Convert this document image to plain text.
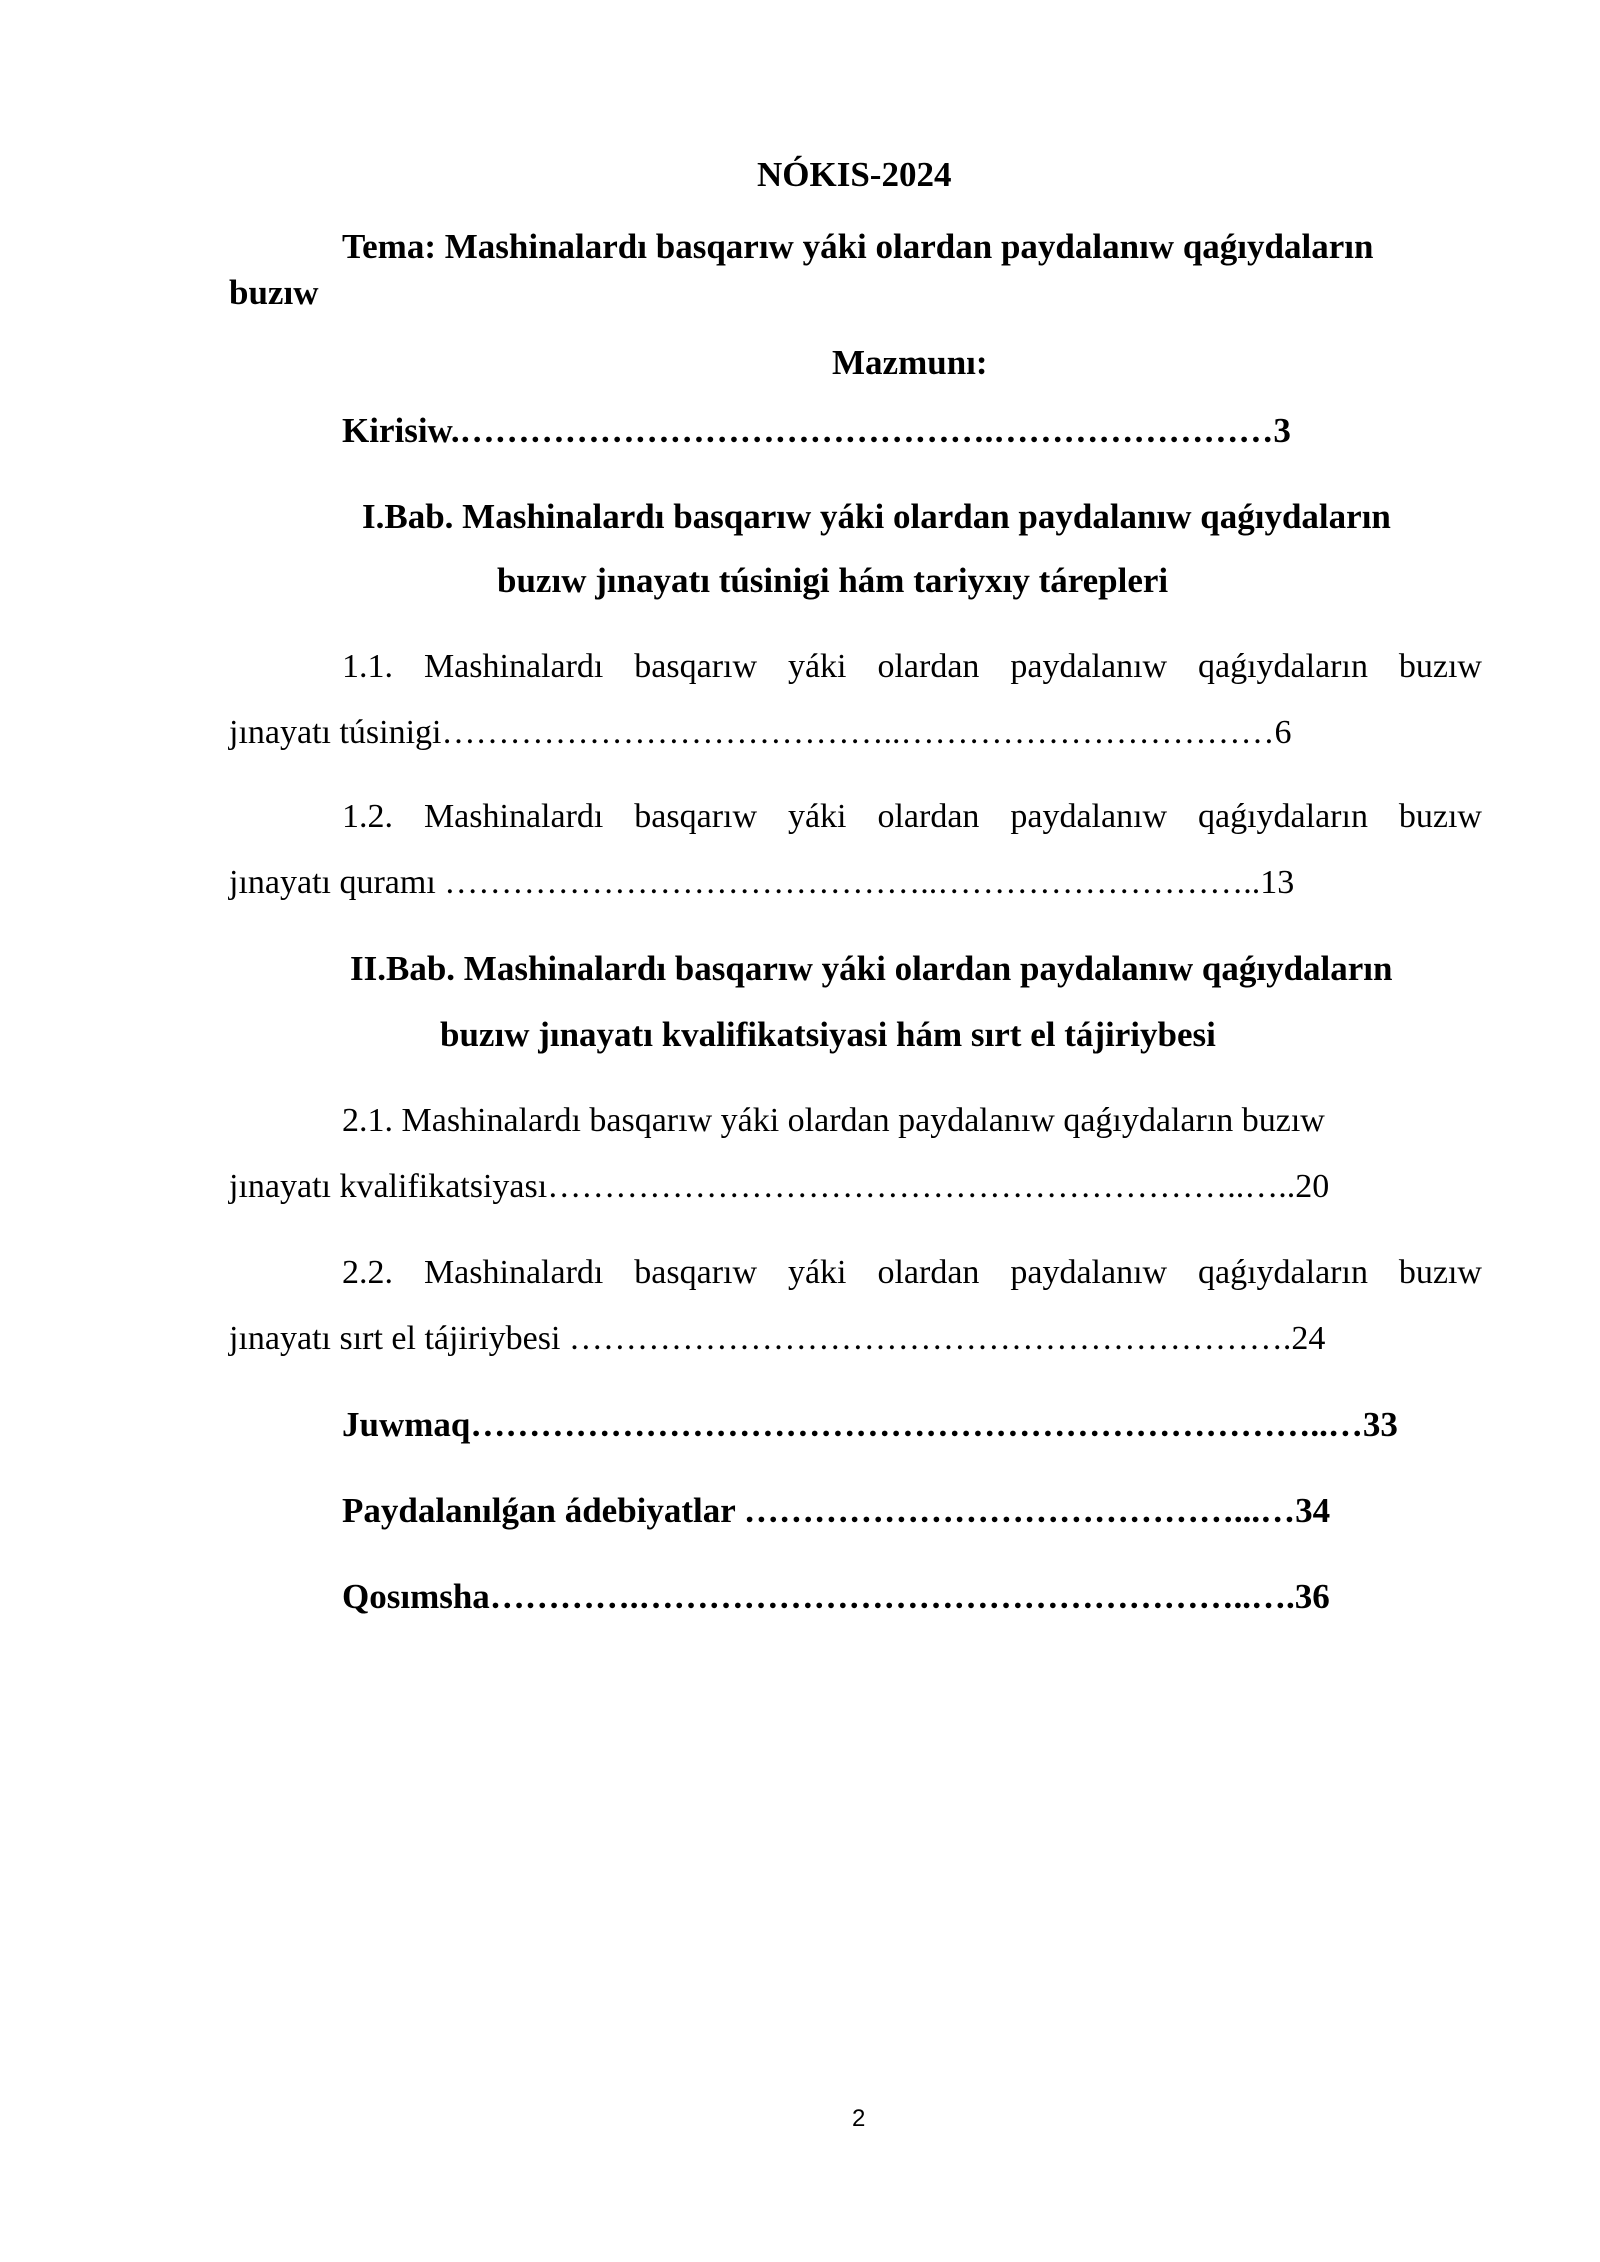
NÓKIS-2024
Tema: Mashinalardı basqarıw yáki olardan paydalanıw qaǵıydaların
buzıw
Mazmunı:
Kirisiw.……………………………………….……………………3
I.Bab. Mashinalardı basqarıw yáki olardan paydalanıw qaǵıydaların
buzıw jınayatı túsinigi hám tariyxıy tárepleri
1.1. Mashinalardı basqarıw yáki olardan paydalanıw qaǵıydaların buzıw
jınayatı túsinigi…………………………………..……………………………6
1.2. Mashinalardı basqarıw yáki olardan paydalanıw qaǵıydaların buzıw
jınayatı quramı ……………………………………..………………………..13
II.Bab. Mashinalardı basqarıw yáki olardan paydalanıw qaǵıydaların
buzıw jınayatı kvalifikatsiyasi hám sırt el tájiriybesi
2.1. Mashinalardı basqarıw yáki olardan paydalanıw qaǵıydaların buzıw
jınayatı kvalifikatsiyası……………………………………………………..…..20
2.2. Mashinalardı basqarıw yáki olardan paydalanıw qaǵıydaların buzıw
jınayatı sırt el tájiriybesi ……………………………………………………….24
Juwmaq………………………………………………………………..…33
Paydalanılǵan ádebiyatlar ……………………………………...…34
Qosımsha………….……………………………………………..….36
2
